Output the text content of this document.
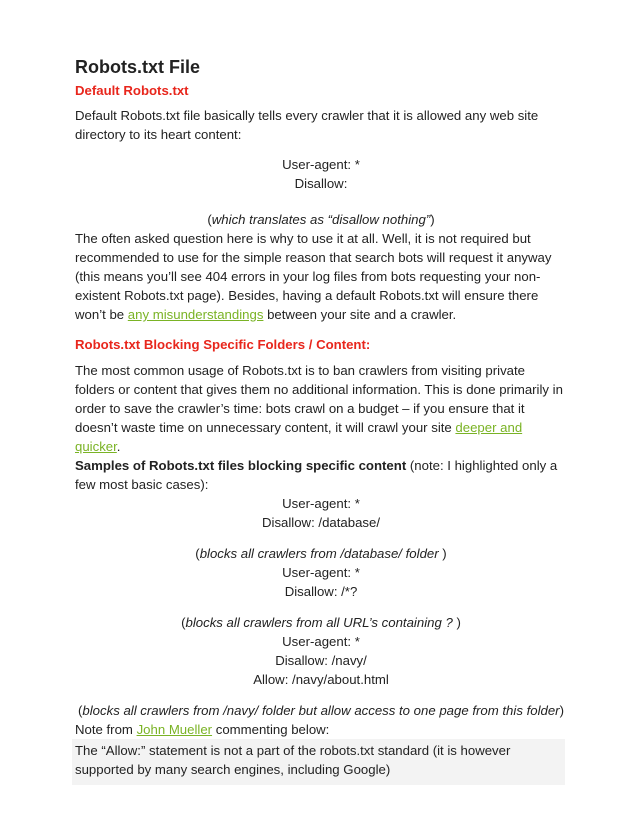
Robots.txt File
Default Robots.txt

Default Robots.txt file basically tells every crawler that it is allowed any web site directory to its heart content:

User-agent: *
Disallow:
(which translates as “disallow nothing”)

The often asked question here is why to use it at all. Well, it is not required but recommended to use for the simple reason that search bots will request it anyway (this means you’ll see 404 errors in your log files from bots requesting your non-existent Robots.txt page). Besides, having a default Robots.txt will ensure there won’t be any misunderstandings between your site and a crawler.

Robots.txt Blocking Specific Folders / Content:

The most common usage of Robots.txt is to ban crawlers from visiting private folders or content that gives them no additional information. This is done primarily in order to save the crawler’s time: bots crawl on a budget – if you ensure that it doesn’t waste time on unnecessary content, it will crawl your site deeper and quicker.

Samples of Robots.txt files blocking specific content (note: I highlighted only a few most basic cases):

User-agent: *
Disallow: /database/
(blocks all crawlers from /database/ folder )
User-agent: *
Disallow: /*?
(blocks all crawlers from all URL’s containing ? )
User-agent: *
Disallow: /navy/
Allow: /navy/about.html
(blocks all crawlers from /navy/ folder but allow access to one page from this folder)

Note from John Mueller commenting below:

The “Allow:” statement is not a part of the robots.txt standard (it is however supported by many search engines, including Google)
